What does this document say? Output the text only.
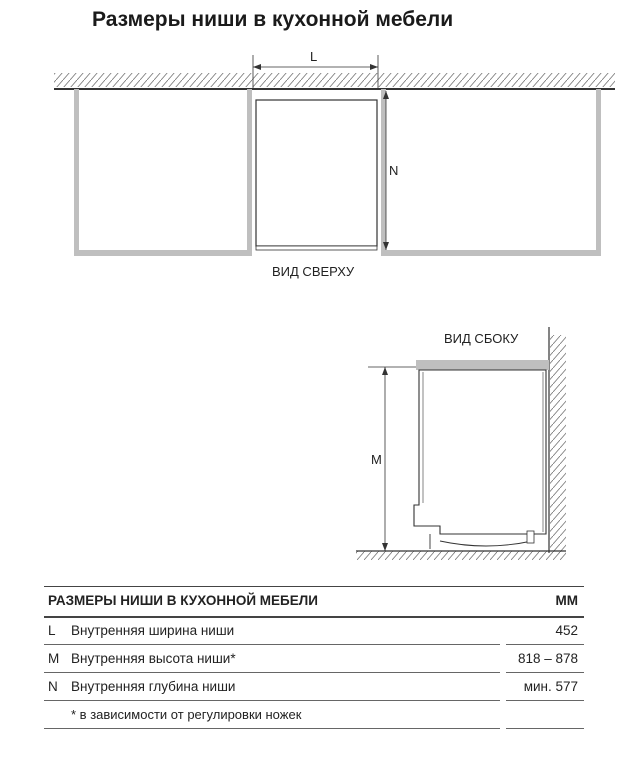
Размеры ниши в кухонной мебели
L
N
ВИД СВЕРХУ
ВИД СБОКУ
M
РАЗМЕРЫ НИШИ В КУХОННОЙ МЕБЕЛИ	ММ
L Внутренняя ширина ниши	452
M Внутренняя высота ниши*	818 – 878
N Внутренняя глубина ниши	мин. 577
* в зависимости от регулировки ножек
